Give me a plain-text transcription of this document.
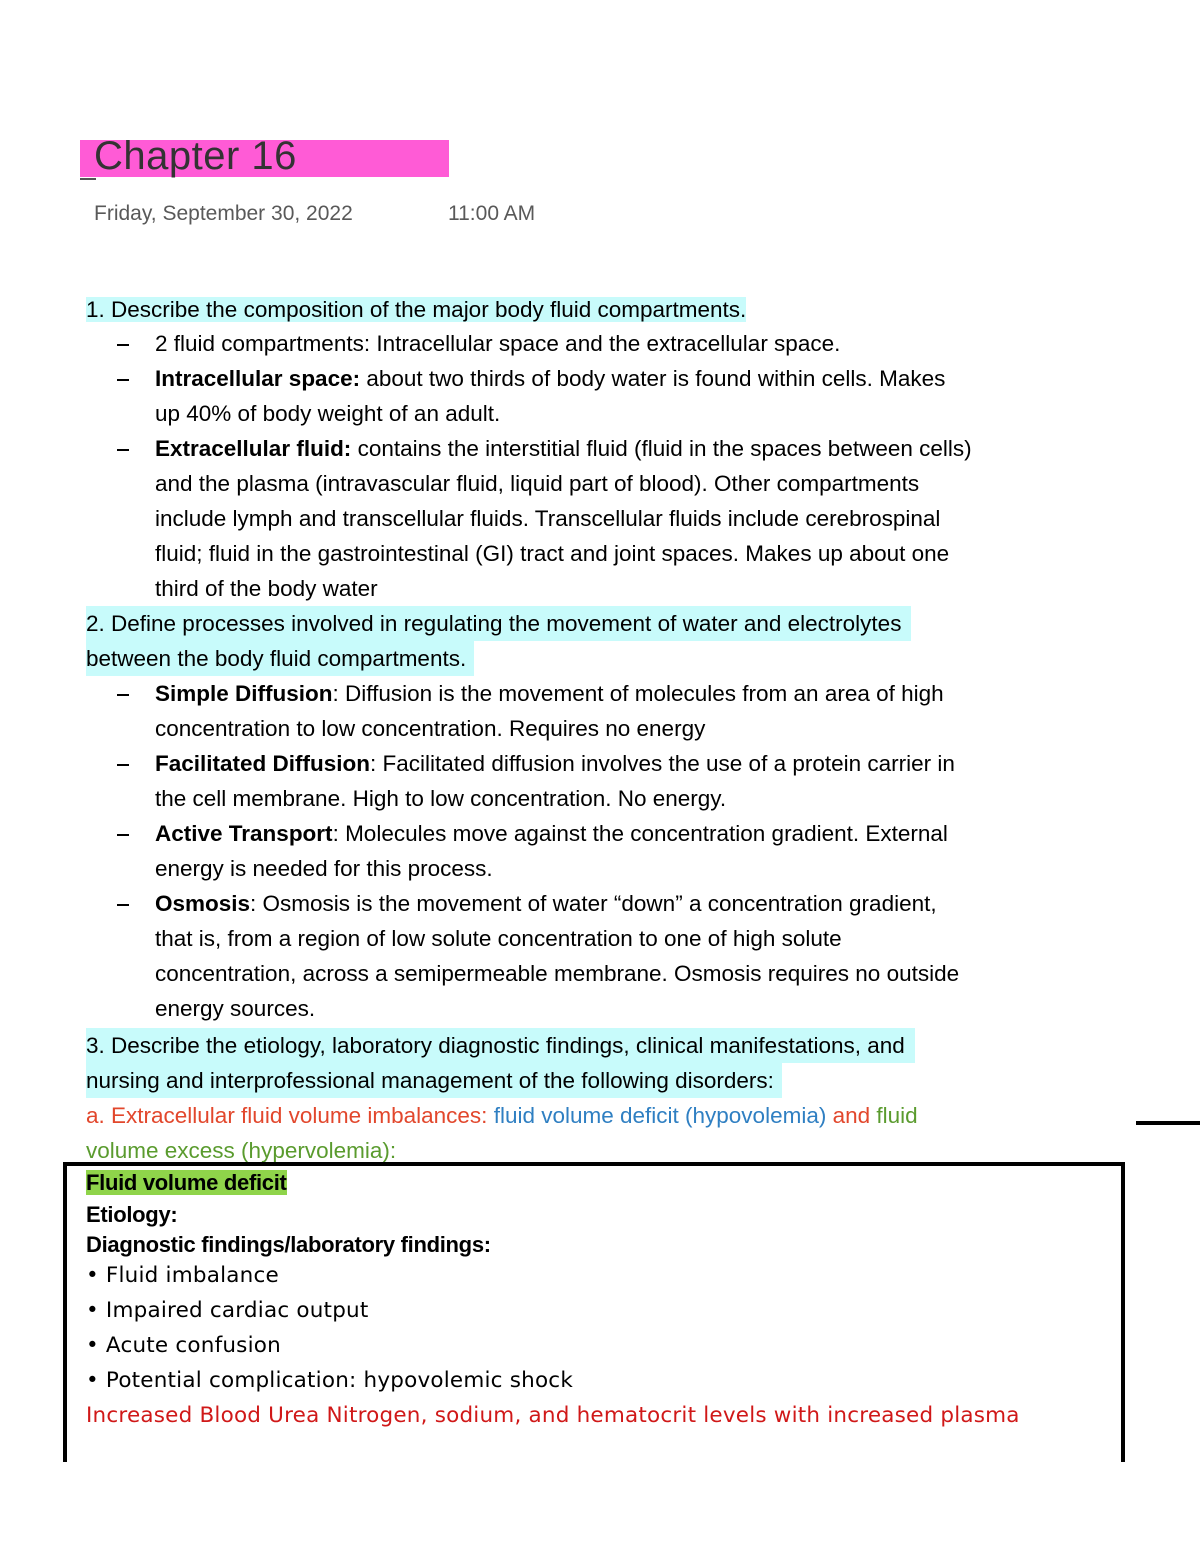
Chapter 16
Friday, September 30, 2022	11:00 AM
1. Describe the composition of the major body fluid compartments.
2 fluid compartments: Intracellular space and the extracellular space.
Intracellular space: about two thirds of body water is found within cells. Makes
up 40% of body weight of an adult.
Extracellular fluid: contains the interstitial fluid (fluid in the spaces between cells)
and the plasma (intravascular fluid, liquid part of blood). Other compartments
include lymph and transcellular fluids. Transcellular fluids include cerebrospinal
fluid; fluid in the gastrointestinal (GI) tract and joint spaces. Makes up about one
third of the body water
2. Define processes involved in regulating the movement of water and electrolytes
between the body fluid compartments.
Simple Diffusion: Diffusion is the movement of molecules from an area of high
concentration to low concentration. Requires no energy
Facilitated Diffusion: Facilitated diffusion involves the use of a protein carrier in
the cell membrane. High to low concentration. No energy.
Active Transport: Molecules move against the concentration gradient. External
energy is needed for this process.
Osmosis: Osmosis is the movement of water “down” a concentration gradient,
that is, from a region of low solute concentration to one of high solute
concentration, across a semipermeable membrane. Osmosis requires no outside
energy sources.
3. Describe the etiology, laboratory diagnostic findings, clinical manifestations, and
nursing and interprofessional management of the following disorders:
a. Extracellular fluid volume imbalances: fluid volume deficit (hypovolemia) and fluid
volume excess (hypervolemia):
Fluid volume deficit
Etiology:
Diagnostic findings/laboratory findings:
• Fluid imbalance
• Impaired cardiac output
• Acute confusion
• Potential complication: hypovolemic shock
Increased Blood Urea Nitrogen, sodium, and hematocrit levels with increased plasma
